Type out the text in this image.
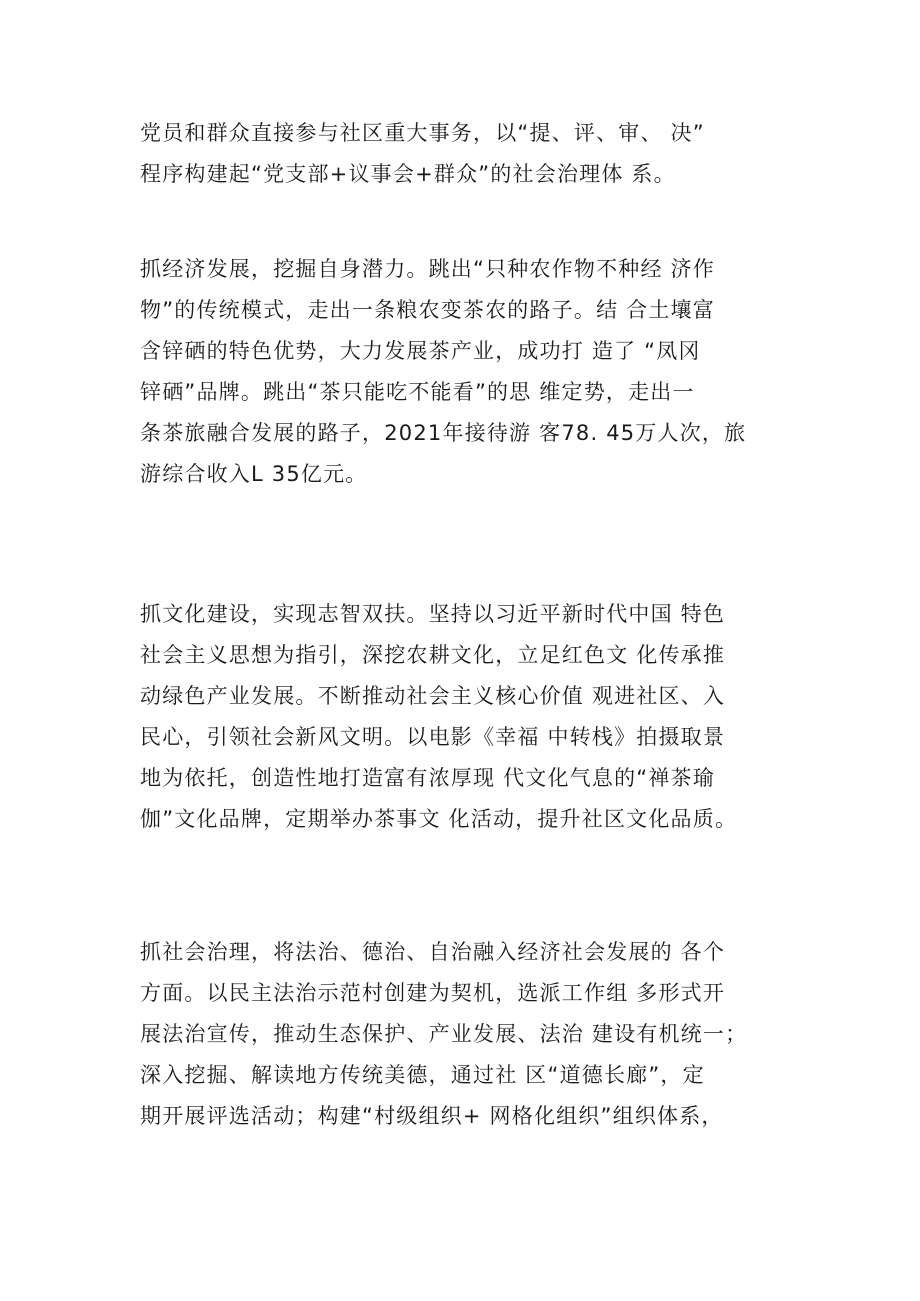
党员和群众直接参与社区重大事务，以“提、评、审、 决”
程序构建起“党支部+议事会+群众”的社会治理体 系。
抓经济发展，挖掘自身潜力。跳出“只种农作物不种经 济作
物”的传统模式，走出一条粮农变茶农的路子。结 合土壤富
含锌硒的特色优势，大力发展茶产业，成功打 造了 “凤冈
锌硒”品牌。跳出“茶只能吃不能看”的思 维定势，走出一
条茶旅融合发展的路子，2021年接待游 客78. 45万人次，旅
游综合收入L 35亿元。
抓文化建设，实现志智双扶。坚持以习近平新时代中国 特色
社会主义思想为指引，深挖农耕文化，立足红色文 化传承推
动绿色产业发展。不断推动社会主义核心价值 观进社区、入
民心，引领社会新风文明。以电影《幸福 中转栈》拍摄取景
地为依托，创造性地打造富有浓厚现 代文化气息的“禅茶瑜
伽”文化品牌，定期举办茶事文 化活动，提升社区文化品质。
抓社会治理，将法治、德治、自治融入经济社会发展的 各个
方面。以民主法治示范村创建为契机，选派工作组 多形式开
展法治宣传，推动生态保护、产业发展、法治 建设有机统一；
深入挖掘、解读地方传统美德，通过社 区“道德长廊”，定
期开展评选活动；构建“村级组织+ 网格化组织”组织体系，
